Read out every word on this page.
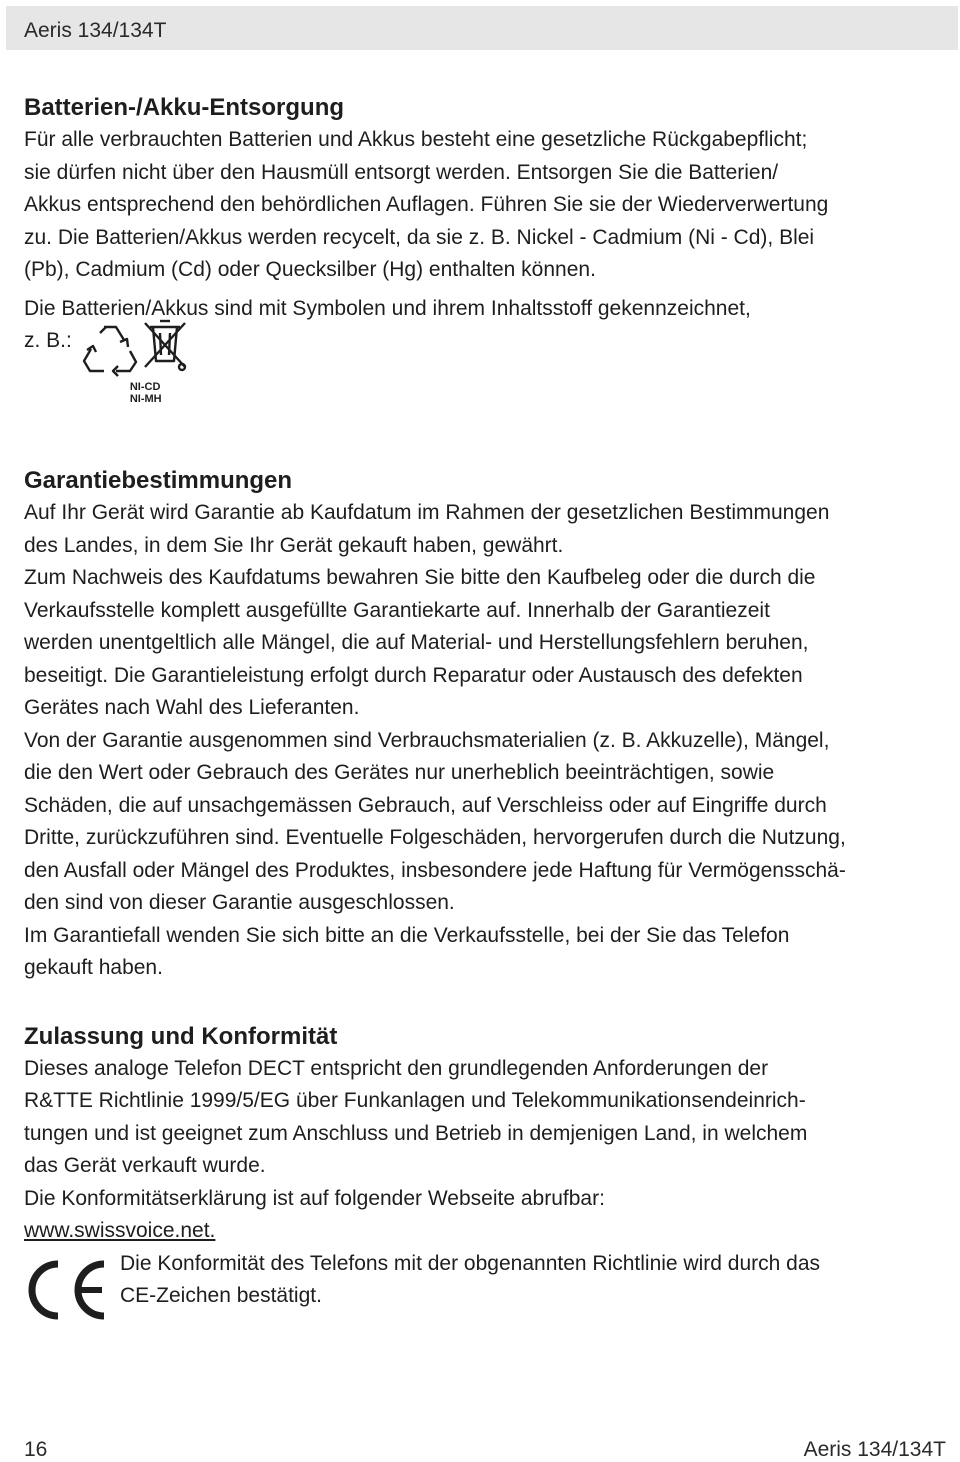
Aeris 134/134T
Batterien-/Akku-Entsorgung

Für alle verbrauchten Batterien und Akkus besteht eine gesetzliche Rückgabepflicht;

sie dürfen nicht über den Hausmüll entsorgt werden. Entsorgen Sie die Batterien/

Akkus entsprechend den behördlichen Auflagen. Führen Sie sie der Wiederverwertung

zu. Die Batterien/Akkus werden recycelt, da sie z. B. Nickel - Cadmium (Ni - Cd), Blei

(Pb), Cadmium (Cd) oder Quecksilber (Hg) enthalten können.

Die Batterien/Akkus sind mit Symbolen und ihrem Inhaltsstoff gekennzeichnet,

z. B.:
NI-CD
NI-MH
Garantiebestimmungen

Auf Ihr Gerät wird Garantie ab Kaufdatum im Rahmen der gesetzlichen Bestimmungen

des Landes, in dem Sie Ihr Gerät gekauft haben, gewährt.

Zum Nachweis des Kaufdatums bewahren Sie bitte den Kaufbeleg oder die durch die

Verkaufsstelle komplett ausgefüllte Garantiekarte auf. Innerhalb der Garantiezeit

werden unentgeltlich alle Mängel, die auf Material- und Herstellungsfehlern beruhen,

beseitigt. Die Garantieleistung erfolgt durch Reparatur oder Austausch des defekten

Gerätes nach Wahl des Lieferanten.

Von der Garantie ausgenommen sind Verbrauchsmaterialien (z. B. Akkuzelle), Mängel,

die den Wert oder Gebrauch des Gerätes nur unerheblich beeinträchtigen, sowie

Schäden, die auf unsachgemässen Gebrauch, auf Verschleiss oder auf Eingriffe durch

Dritte, zurückzuführen sind. Eventuelle Folgeschäden, hervorgerufen durch die Nutzung,

den Ausfall oder Mängel des Produktes, insbesondere jede Haftung für Vermögensschä-

den sind von dieser Garantie ausgeschlossen.

Im Garantiefall wenden Sie sich bitte an die Verkaufsstelle, bei der Sie das Telefon

gekauft haben.

Zulassung und Konformität

Dieses analoge Telefon DECT entspricht den grundlegenden Anforderungen der

R&TTE Richtlinie 1999/5/EG über Funkanlagen und Telekommunikationsendeinrich-

tungen und ist geeignet zum Anschluss und Betrieb in demjenigen Land, in welchem

das Gerät verkauft wurde.

Die Konformitätserklärung ist auf folgender Webseite abrufbar:

www.swissvoice.net.

Die Konformität des Telefons mit der obgenannten Richtlinie wird durch das

CE-Zeichen bestätigt.

16	Aeris 134/134T
